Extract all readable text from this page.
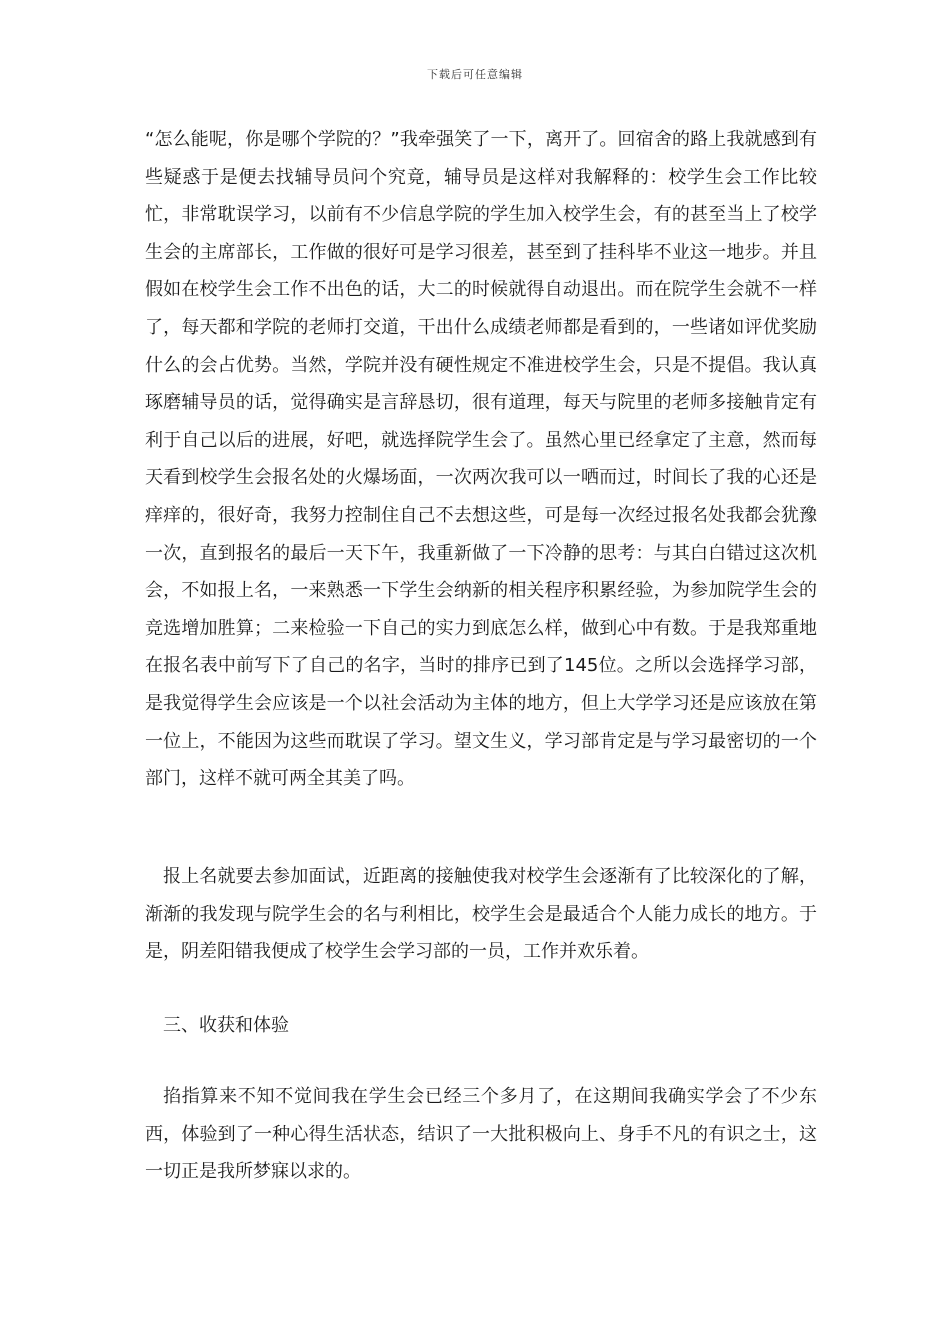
下载后可任意编辑

“怎么能呢，你是哪个学院的？”我牵强笑了一下，离开了。回宿舍的路上我就感到有些疑惑于是便去找辅导员问个究竟，辅导员是这样对我解释的：校学生会工作比较忙，非常耽误学习，以前有不少信息学院的学生加入校学生会，有的甚至当上了校学生会的主席部长，工作做的很好可是学习很差，甚至到了挂科毕不业这一地步。并且假如在校学生会工作不出色的话，大二的时候就得自动退出。而在院学生会就不一样了，每天都和学院的老师打交道，干出什么成绩老师都是看到的，一些诸如评优奖励什么的会占优势。当然，学院并没有硬性规定不准进校学生会，只是不提倡。我认真琢磨辅导员的话，觉得确实是言辞恳切，很有道理，每天与院里的老师多接触肯定有利于自己以后的进展，好吧，就选择院学生会了。虽然心里已经拿定了主意，然而每天看到校学生会报名处的火爆场面，一次两次我可以一哂而过，时间长了我的心还是痒痒的，很好奇，我努力控制住自己不去想这些，可是每一次经过报名处我都会犹豫一次，直到报名的最后一天下午，我重新做了一下冷静的思考：与其白白错过这次机会，不如报上名，一来熟悉一下学生会纳新的相关程序积累经验，为参加院学生会的竞选增加胜算；二来检验一下自己的实力到底怎么样，做到心中有数。于是我郑重地在报名表中前写下了自己的名字，当时的排序已到了145位。之所以会选择学习部，是我觉得学生会应该是一个以社会活动为主体的地方，但上大学学习还是应该放在第一位上，不能因为这些而耽误了学习。望文生义，学习部肯定是与学习最密切的一个部门，这样不就可两全其美了吗。

报上名就要去参加面试，近距离的接触使我对校学生会逐渐有了比较深化的了解，渐渐的我发现与院学生会的名与利相比，校学生会是最适合个人能力成长的地方。于是，阴差阳错我便成了校学生会学习部的一员，工作并欢乐着。

三、收获和体验

掐指算来不知不觉间我在学生会已经三个多月了，在这期间我确实学会了不少东西，体验到了一种心得生活状态，结识了一大批积极向上、身手不凡的有识之士，这一切正是我所梦寐以求的。
